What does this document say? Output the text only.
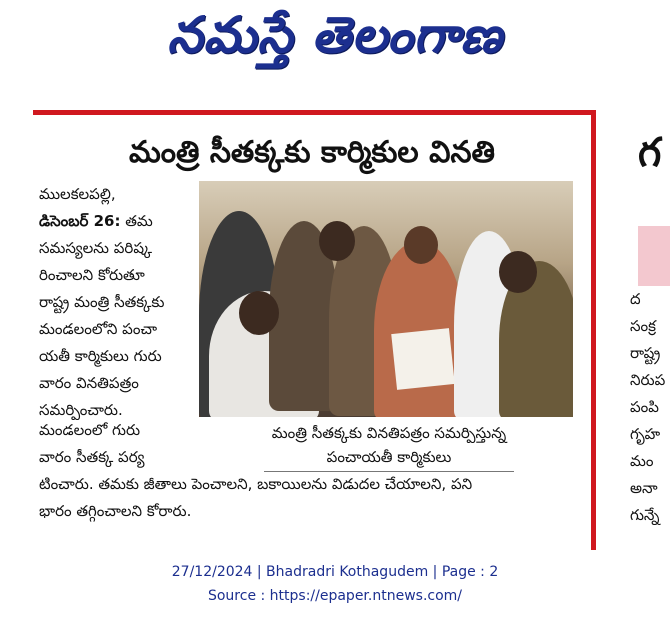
నమస్తే తెలంగాణ
గ
ద
సంక్ర
రాష్ట్ర
నిరుప
పంపి
గృహ
మం
అనా
గున్నే
మంత్రి సీతక్కకు కార్మికుల వినతి
ములకలపల్లి,
డిసెంబర్ 26: తమ
సమస్యలను పరిష్క
రించాలని కోరుతూ
రాష్ట్ర మంత్రి సీతక్కకు
మండలంలోని పంచా
యతీ కార్మికులు గురు
వారం వినతిపత్రం
సమర్పించారు.
మంత్రి సీతక్కకు వినతిపత్రం సమర్పిస్తున్న
పంచాయతీ కార్మికులు
మండలంలో గురు
వారం సీతక్క పర్య
టించారు. తమకు జీతాలు పెంచాలని, బకాయిలను విడుదల చేయాలని, పని
భారం తగ్గించాలని కోరారు.
27/12/2024 | Bhadradri Kothagudem | Page : 2
Source : https://epaper.ntnews.com/
